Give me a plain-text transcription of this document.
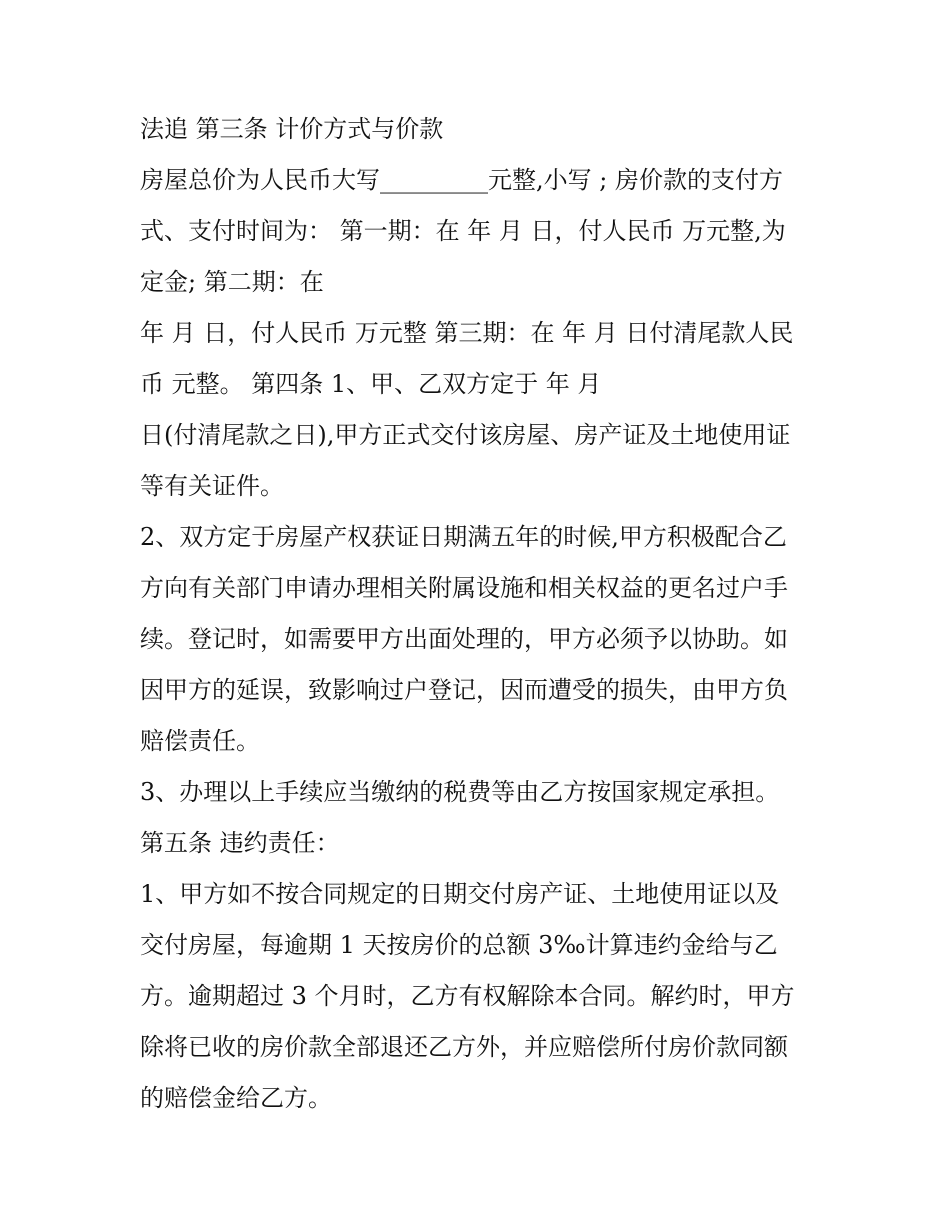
法追 第三条 计价方式与价款
房屋总价为人民币大写_________元整,小写 ; 房价款的支付方
式、支付时间为： 第一期：在 年 月 日，付人民币 万元整,为
定金; 第二期：在
年 月 日，付人民币 万元整 第三期：在 年 月 日付清尾款人民
币 元整。 第四条 1、甲、乙双方定于 年 月
日(付清尾款之日),甲方正式交付该房屋、房产证及土地使用证
等有关证件。
2、双方定于房屋产权获证日期满五年的时候,甲方积极配合乙
方向有关部门申请办理相关附属设施和相关权益的更名过户手
续。登记时，如需要甲方出面处理的，甲方必须予以协助。如
因甲方的延误，致影响过户登记，因而遭受的损失，由甲方负
赔偿责任。
3、办理以上手续应当缴纳的税费等由乙方按国家规定承担。
第五条 违约责任：
1、甲方如不按合同规定的日期交付房产证、土地使用证以及
交付房屋，每逾期 1 天按房价的总额 3‰计算违约金给与乙
方。逾期超过 3 个月时，乙方有权解除本合同。解约时，甲方
除将已收的房价款全部退还乙方外，并应赔偿所付房价款同额
的赔偿金给乙方。
